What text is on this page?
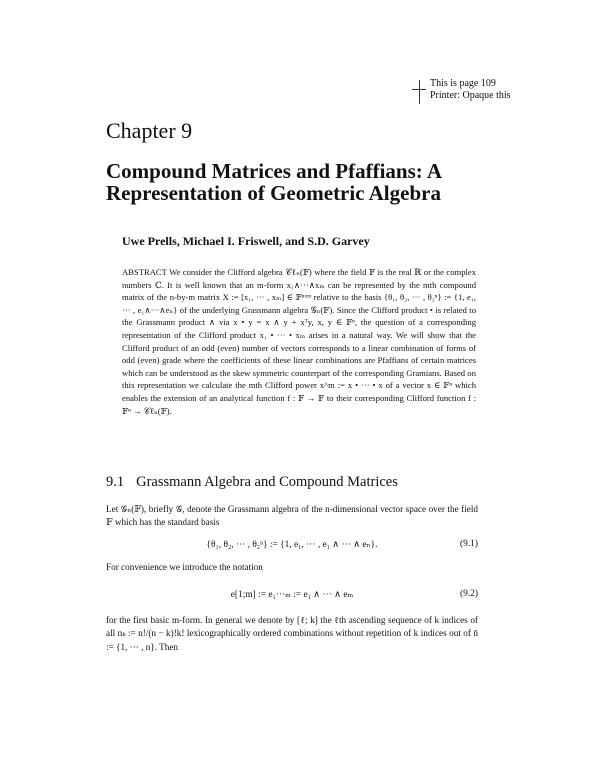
This is page 109
Printer: Opaque this
Chapter 9
Compound Matrices and Pfaffians: A Representation of Geometric Algebra
Uwe Prells, Michael I. Friswell, and S.D. Garvey
ABSTRACT We consider the Clifford algebra 𝒞ℓₙ(𝔽) where the field 𝔽 is the real ℝ or the complex numbers ℂ. It is well known that an m-form x₁∧···∧xₘ can be represented by the mth compound matrix of the n-by-m matrix X := [x₁, ··· , xₘ] ∈ 𝔽ⁿˣᵐ relative to the basis {θ₁, θ₂, ··· , θ₂ⁿ} := {1, e₁, ··· , e₁∧···∧eₙ} of the underlying Grassmann algebra 𝒢ₙ(𝔽). Since the Clifford product • is related to the Grassmann product ∧ via x • y = x ∧ y + xᵀy, x, y ∈ 𝔽ⁿ, the question of a corresponding representation of the Clifford product x₁ • ··· • xₘ arises in a natural way. We will show that the Clifford product of an odd (even) number of vectors corresponds to a linear combination of forms of odd (even) grade where the coefficients of these linear combinations are Pfaffians of certain matrices which can be understood as the skew symmetric counterpart of the corresponding Gramians. Based on this representation we calculate the mth Clifford power x^m := x • ··· • x of a vector x ∈ 𝔽ⁿ which enables the extension of an analytical function f : 𝔽 → 𝔽 to their corresponding Clifford function f : 𝔽ⁿ → 𝒞ℓₙ(𝔽).
9.1 Grassmann Algebra and Compound Matrices
Let 𝒢ₙ(𝔽), briefly 𝒢, denote the Grassmann algebra of the n-dimensional vector space over the field 𝔽 which has the standard basis
{θ₁, θ₂, ··· , θ₂ⁿ} := {1, e₁, ··· , e₁ ∧ ··· ∧ eₙ}.	(9.1)
For convenience we introduce the notation
e[1;m] := e₁···ₘ := e₁ ∧ ··· ∧ eₘ	(9.2)
for the first basic m-form. In general we denote by [ℓ; k] the ℓth ascending sequence of k indices of all nₖ := n!/(n − k)!k! lexicographically ordered combinations without repetition of k indices out of n̄ := {1, ··· , n}. Then
